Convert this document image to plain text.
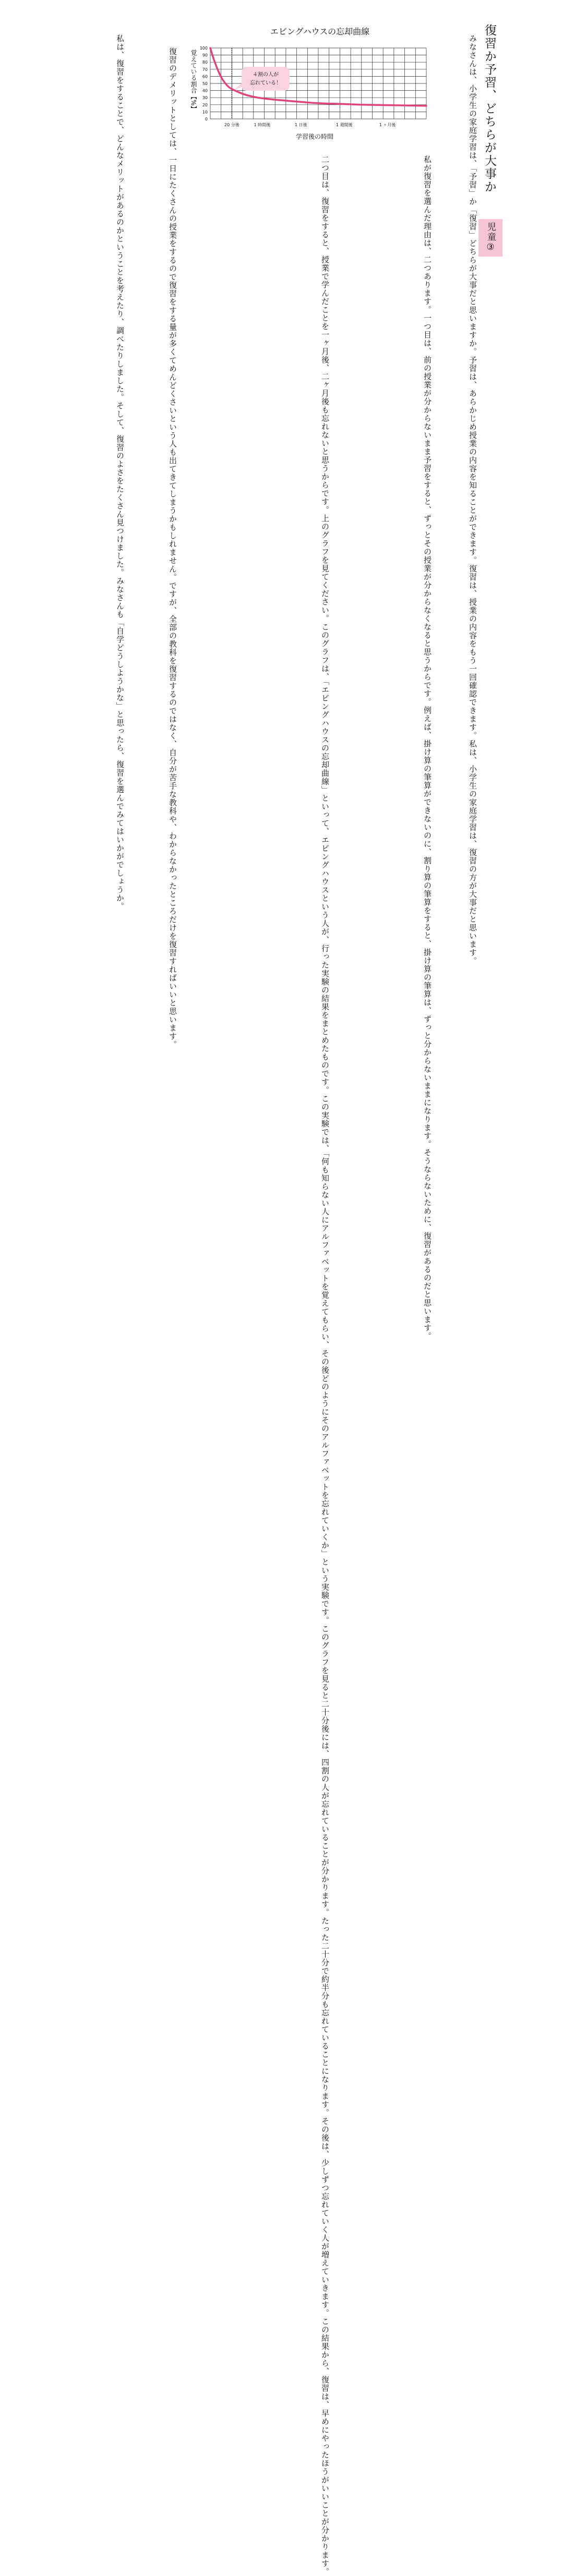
復習か予習、どちらが大事か
児童③

　みなさんは、小学生の家庭学習は、「予習」か「復習」どちらが大事だと思いますか。予習は、あらかじめ授業の内容を知ることができます。復習は、授業の内容をもう一回確認できます。私は、小学生の家庭学習は、復習の方が大事だと思います。

　私が復習を選んだ理由は、二つあります。一つ目は、前の授業が分からないまま予習をすると、ずっとその授業が分からなくなると思うからです。例えば、掛け算の筆算ができないのに、割り算の筆算をすると、掛け算の筆算は、ずっと分からないままになります。そうならないために、復習があるのだと思います。

　二つ目は、復習をすると、授業で学んだことを一ヶ月後、二ヶ月後も忘れないと思うからです。上のグラフを見てください。このグラフは、「エビングハウスの忘却曲線」といって、エビングハウスという人が、行った実験の結果をまとめたものです。この実験では、「何も知らない人にアルファベットを覚えてもらい、その後どのようにそのアルファベットを忘れていくか」という実験です。このグラフを見ると二十分後には、四割の人が忘れていることが分かります。たった二十分で約半分も忘れていることになります。その後は、少しずつ忘れていく人が増えていきます。この結果から、復習は、早めにやったほうがいいことが分かります。

　復習のデメリットとしては、一日にたくさんの授業をするので復習をする量が多くてめんどくさいという人も出てきてしまうかもしれません。ですが、全部の教科を復習するのではなく、自分が苦手な教科や、わからなかったところだけを復習すればいいと思います。

　私は、復習をすることで、どんなメリットがあるのかということを考えたり、調べたりしました。そして、復習のよさをたくさん見つけました。みなさんも「自学どうしようかな」と思ったら、復習を選んでみてはいかがでしょうか。	エビングハウスの忘却曲線
0
10
20
30
40
50
60
70
80
90
100
20 分後	1 時間後	1 日後	1 週間後	1 ヶ月後
４割の人が
忘れている！
覚えている割合【%】
学習後の時間
